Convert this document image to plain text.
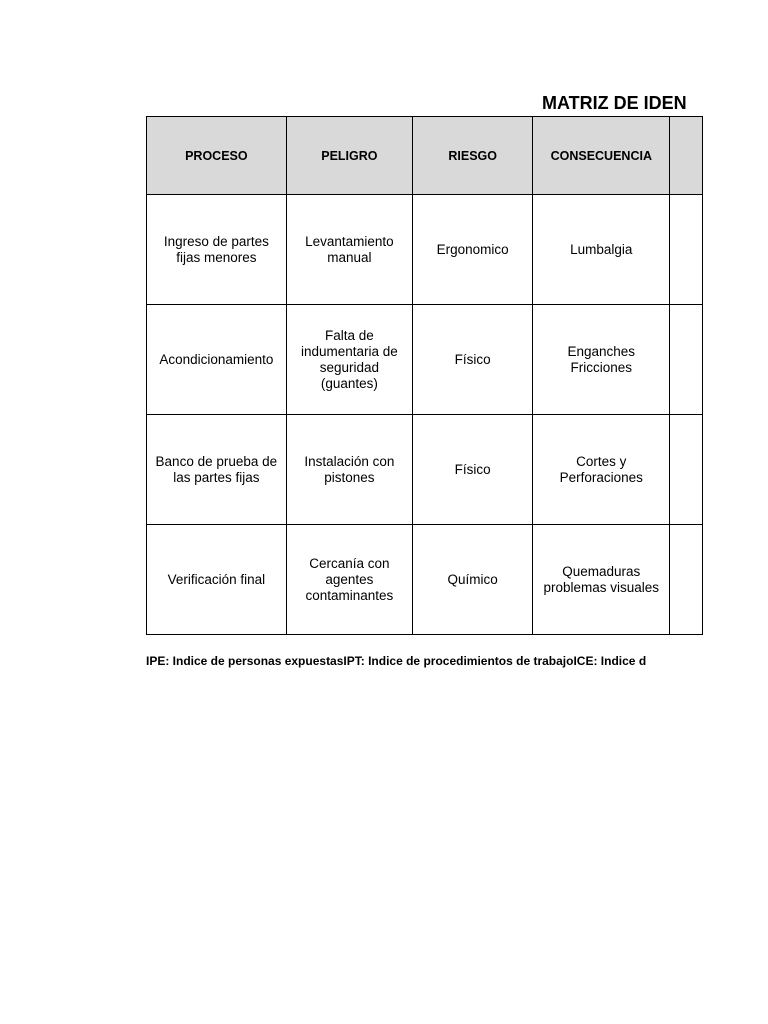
MATRIZ DE IDEN
PROCESO	PELIGRO	RIESGO	CONSECUENCIA	
Ingreso de partes fijas menores	Levantamiento manual	Ergonomico	Lumbalgia	
Acondicionamiento	Falta de indumentaria de seguridad (guantes)	Físico	Enganches Fricciones	
Banco de prueba de las partes fijas	Instalación con pistones	Físico	Cortes y Perforaciones	
Verificación final	Cercanía con agentes contaminantes	Químico	Quemaduras problemas visuales	
IPE: Indice de personas expuestas IPT: Indice de procedimientos de trabajo ICE: Indice d
